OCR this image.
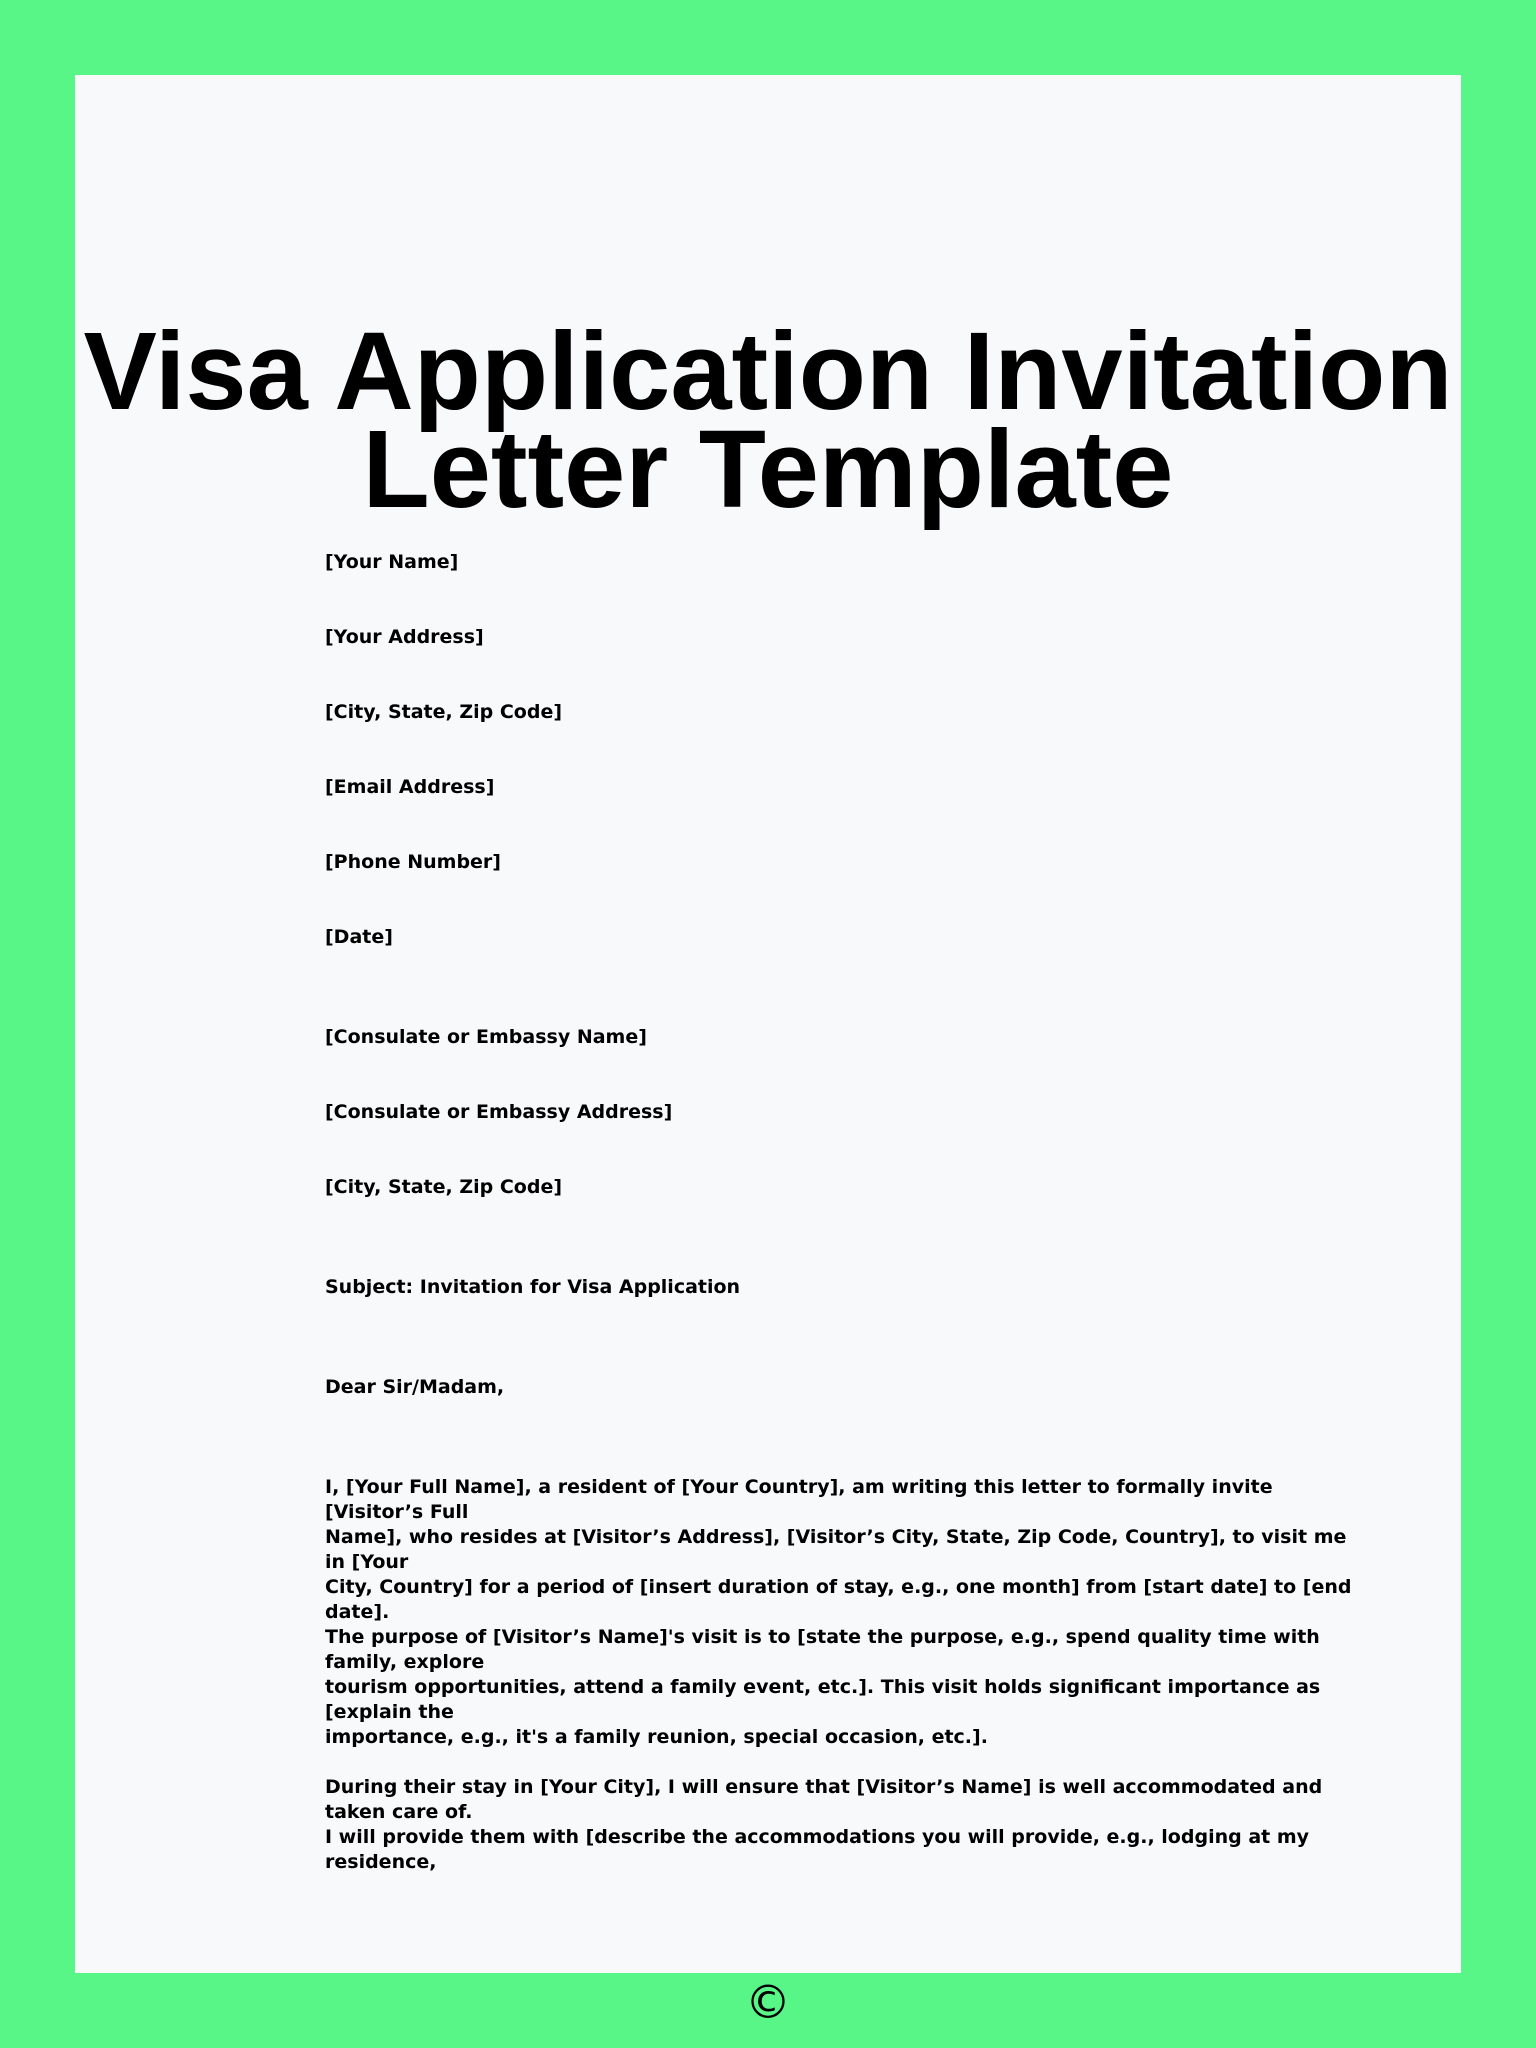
Visa Application Invitation
Letter Template

[Your Name]

[Your Address]

[City, State, Zip Code]

[Email Address]

[Phone Number]

[Date]

[Consulate or Embassy Name]

[Consulate or Embassy Address]

[City, State, Zip Code]

Subject: Invitation for Visa Application

Dear Sir/Madam,

I, [Your Full Name], a resident of [Your Country], am writing this letter to formally invite [Visitor’s Full
Name], who resides at [Visitor’s Address], [Visitor’s City, State, Zip Code, Country], to visit me in [Your
City, Country] for a period of [insert duration of stay, e.g., one month] from [start date] to [end date].
The purpose of [Visitor’s Name]'s visit is to [state the purpose, e.g., spend quality time with family, explore
tourism opportunities, attend a family event, etc.]. This visit holds significant importance as [explain the
importance, e.g., it's a family reunion, special occasion, etc.].
During their stay in [Your City], I will ensure that [Visitor’s Name] is well accommodated and taken care of.
I will provide them with [describe the accommodations you will provide, e.g., lodging at my residence,
©
